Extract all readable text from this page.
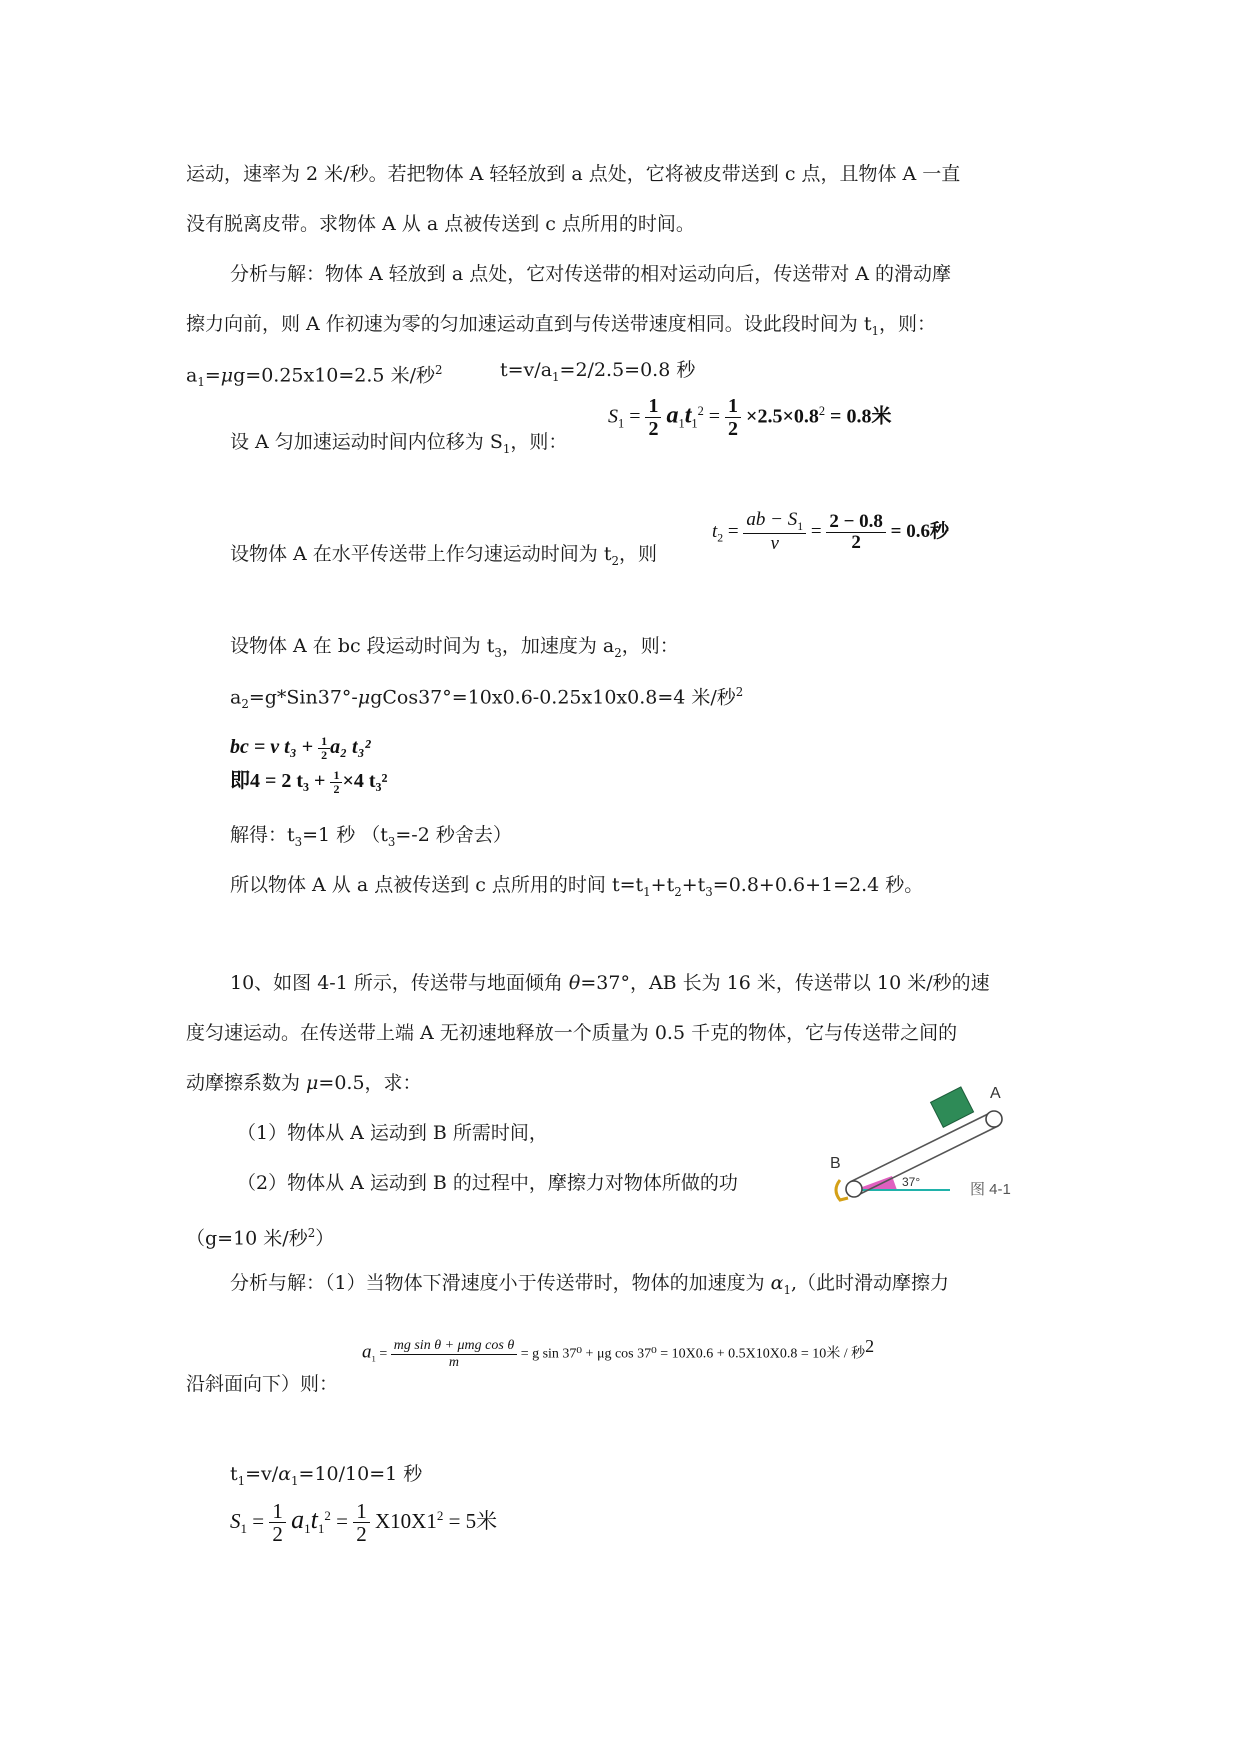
运动，速率为 2 米/秒。若把物体 A 轻轻放到 a 点处，它将被皮带送到 c 点，且物体 A 一直
没有脱离皮带。求物体 A 从 a 点被传送到 c 点所用的时间。
分析与解：物体 A 轻放到 a 点处，它对传送带的相对运动向后，传送带对 A 的滑动摩
擦力向前，则 A 作初速为零的匀加速运动直到与传送带速度相同。设此段时间为 $t_1$，则：
$a_1=\mu g=0.25x10=2.5$ 米/秒$^2$	$t=v/a_1=2/2.5=0.8$ 秒
设 A 匀加速运动时间内位移为 $S_1$，则：
$S_1 = \frac{1}{2} a_1t_1^2 = \frac{1}{2} \times 2.5\times 0.8^2 = 0.8$米
设物体 A 在水平传送带上作匀速运动时间为 $t_2$，则
$t_2 = \frac{ab - S_1}{v} = \frac{2 - 0.8}{2} = 0.6$秒
设物体 A 在 bc 段运动时间为 $t_3$，加速度为 $a_2$，则：
$a_2=g*Sin37^\circ-\mu gCos37^\circ=10x0.6-0.25x10x0.8=4$ 米/秒$^2$
bc = v $t_3 + \frac{1}{2} a_2$ t₃²
即4 = 2 $t_3 + \frac{1}{2} \times 4$ t₃²
解得：$t_3=1$ 秒 （$t_3=-2$ 秒舍去）
所以物体 A 从 a 点被传送到 c 点所用的时间 $t=t_1+t_2+t_3=0.8+0.6+1=2.4$ 秒。
10、如图 4-1 所示，传送带与地面倾角 θ=37°，AB 长为 16 米，传送带以 10 米/秒的速
度匀速运动。在传送带上端 A 无初速地释放一个质量为 0.5 千克的物体，它与传送带之间的
动摩擦系数为 μ=0.5，求：
（1）物体从 A 运动到 B 所需时间，
（2）物体从 A 运动到 B 的过程中，摩擦力对物体所做的功
（g=10 米/秒$^2$）
分析与解：（1）当物体下滑速度小于传送带时，物体的加速度为 $\alpha_1$,（此时滑动摩擦力
沿斜面向下）则：
$a_1 = \frac{\text{mg sin θ + μmg cos θ}}{m} = g$ sin 37⁰ + μg cos 37⁰ = 10X0.6 + 0.5X10X0.8 = 10米 / 秒$^2$
$t_1=v/\alpha_1=10/10=1$ 秒
$S_1 = \frac{1}{2} a_1t_1^2 = \frac{1}{2} X10X1^2 = 5$米
A
B
37°	图 4-1
